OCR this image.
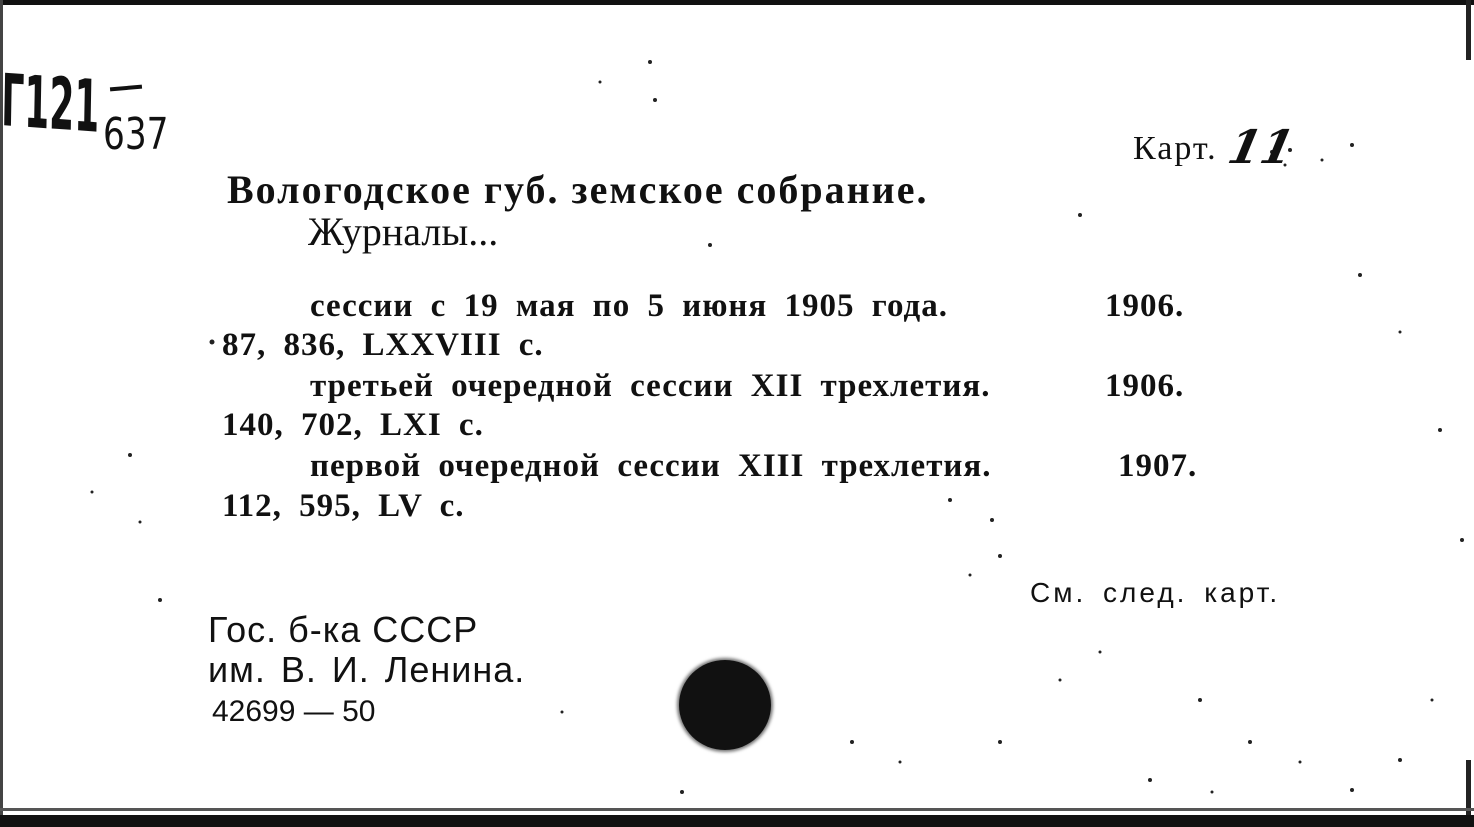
Г121 637	Карт. 11
Вологодское губ. земское собрание.
Журналы...
сессии с 19 мая по 5 июня 1905 года.	1906.
87, 836, LXXVIII с.
третьей очередной сессии XII трехлетия.	1906.
140, 702, LXI с.
первой очередной сессии XIII трехлетия.	1907.
112, 595, LV с.
См. след. карт.
Гос. б-ка СССР
им. В. И. Ленина.
42699 — 50
